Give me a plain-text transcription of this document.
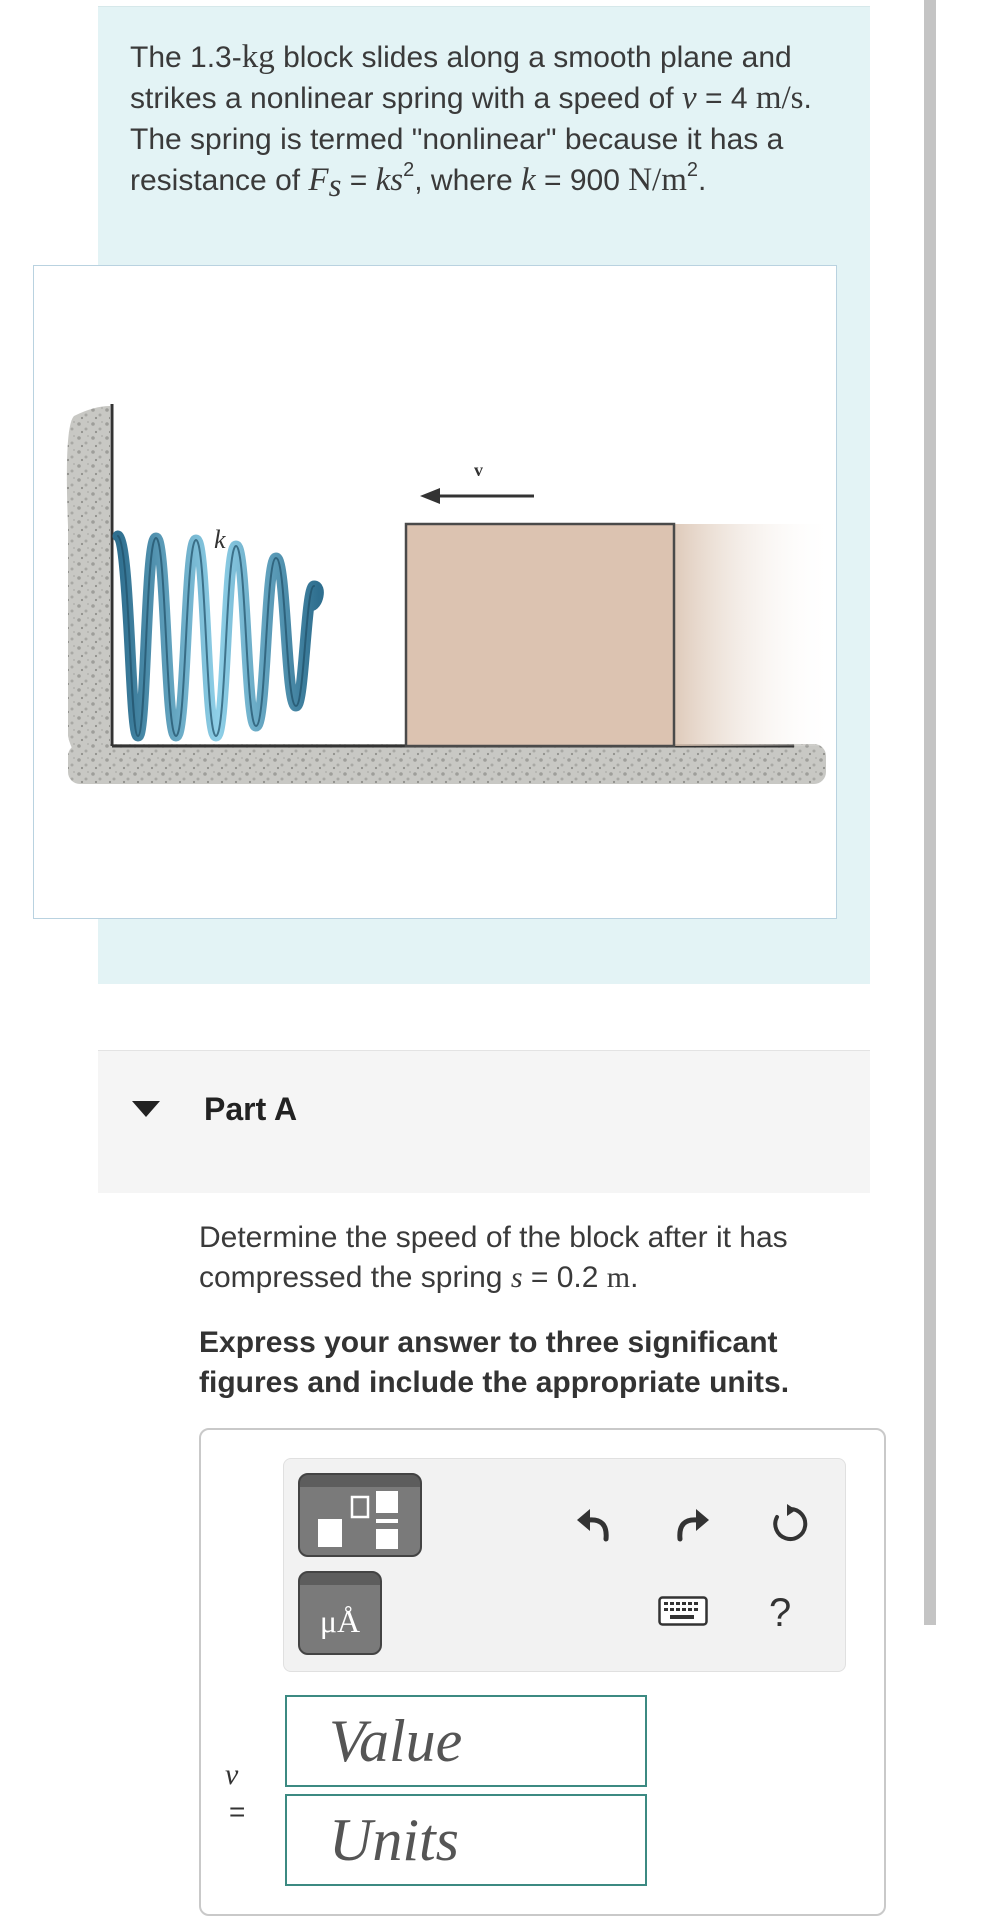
The 1.3-kg block slides along a smooth plane and strikes a nonlinear spring with a speed of v = 4 m/s. The spring is termed "nonlinear" because it has a resistance of $F_s = ks^2$, where k = 900 $N/m^2$.
k
v
Part A
Determine the speed of the block after it has compressed the spring s = 0.2 m.
Express your answer to three significant figures and include the appropriate units.
μÅ	?
v
=
Value
Units
